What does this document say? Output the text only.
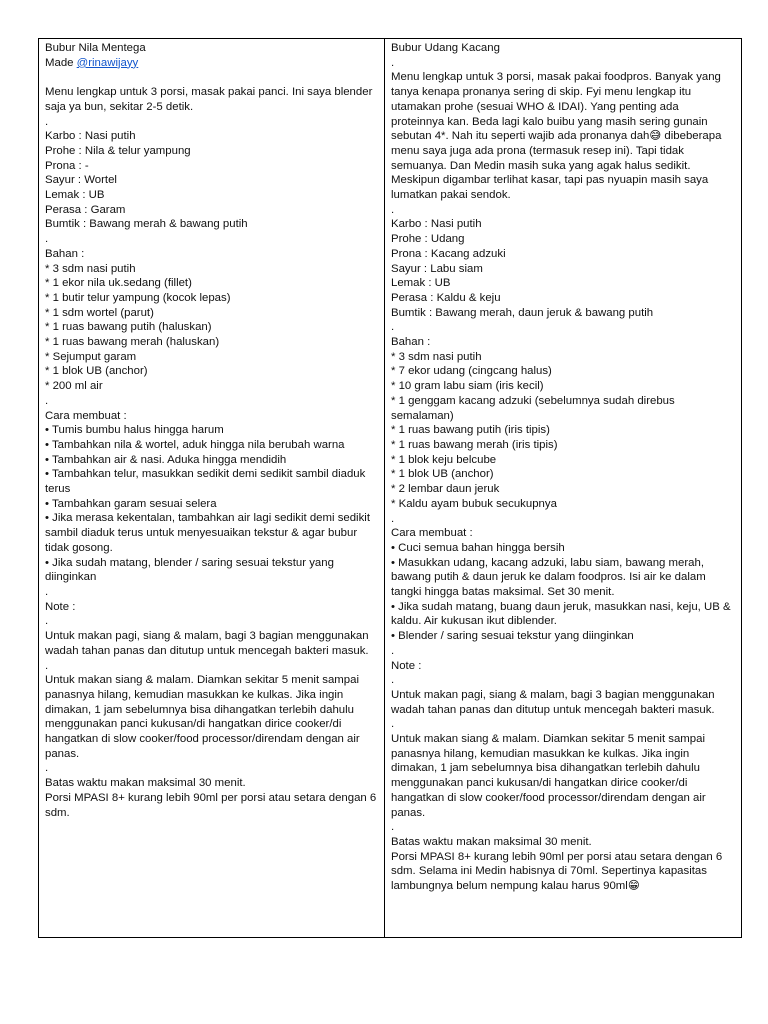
Bubur Nila Mentega

Made @rinawijayy

Menu lengkap untuk 3 porsi, masak pakai panci. Ini saya blender saja ya bun, sekitar 2-5 detik.

.

Karbo : Nasi putih

Prohe : Nila & telur yampung

Prona : -

Sayur : Wortel

Lemak : UB

Perasa : Garam

Bumtik : Bawang merah & bawang putih

.

Bahan :

* 3 sdm nasi putih

* 1 ekor nila uk.sedang (fillet)

* 1 butir telur yampung (kocok lepas)

* 1 sdm wortel (parut)

* 1 ruas bawang putih (haluskan)

* 1 ruas bawang merah (haluskan)

* Sejumput garam

* 1 blok UB (anchor)

* 200 ml air

.

Cara membuat :

• Tumis bumbu halus hingga harum

• Tambahkan nila & wortel, aduk hingga nila berubah warna

• Tambahkan air & nasi. Aduka hingga mendidih

• Tambahkan telur, masukkan sedikit demi sedikit sambil diaduk terus

• Tambahkan garam sesuai selera

• Jika merasa kekentalan, tambahkan air lagi sedikit demi sedikit sambil diaduk terus untuk menyesuaikan tekstur & agar bubur tidak gosong.

• Jika sudah matang, blender / saring sesuai tekstur yang diinginkan

.

Note :

.

Untuk makan pagi, siang & malam, bagi 3 bagian menggunakan wadah tahan panas dan ditutup untuk mencegah bakteri masuk.

.

Untuk makan siang & malam. Diamkan sekitar 5 menit sampai panasnya hilang, kemudian masukkan ke kulkas. Jika ingin dimakan, 1 jam sebelumnya bisa dihangatkan terlebih dahulu menggunakan panci kukusan/di hangatkan dirice cooker/di hangatkan di slow cooker/food processor/direndam dengan air panas.

.

Batas waktu makan maksimal 30 menit.

Porsi MPASI 8+ kurang lebih 90ml per porsi atau setara dengan 6 sdm.

Bubur Udang Kacang

.

Menu lengkap untuk 3 porsi, masak pakai foodpros. Banyak yang tanya kenapa pronanya sering di skip. Fyi menu lengkap itu utamakan prohe (sesuai WHO & IDAI). Yang penting ada proteinnya kan. Beda lagi kalo buibu yang masih sering gunain sebutan 4*. Nah itu seperti wajib ada pronanya dah😅 dibeberapa menu saya juga ada prona (termasuk resep ini). Tapi tidak semuanya. Dan Medin masih suka yang agak halus sedikit. Meskipun digambar terlihat kasar, tapi pas nyuapin masih saya lumatkan pakai sendok.

.

Karbo : Nasi putih

Prohe : Udang

Prona : Kacang adzuki

Sayur : Labu siam

Lemak : UB

Perasa : Kaldu & keju

Bumtik : Bawang merah, daun jeruk & bawang putih

.

Bahan :

* 3 sdm nasi putih

* 7 ekor udang (cingcang halus)

* 10 gram labu siam (iris kecil)

* 1 genggam kacang adzuki (sebelumnya sudah direbus semalaman)

* 1 ruas bawang putih (iris tipis)

* 1 ruas bawang merah (iris tipis)

* 1 blok keju belcube

* 1 blok UB (anchor)

* 2 lembar daun jeruk

* Kaldu ayam bubuk secukupnya

.

Cara membuat :

• Cuci semua bahan hingga bersih

• Masukkan udang, kacang adzuki, labu siam, bawang merah, bawang putih & daun jeruk ke dalam foodpros. Isi air ke dalam tangki hingga batas maksimal. Set 30 menit.

• Jika sudah matang, buang daun jeruk, masukkan nasi, keju, UB & kaldu. Air kukusan ikut diblender.

• Blender / saring sesuai tekstur yang diinginkan

.

Note :

.

Untuk makan pagi, siang & malam, bagi 3 bagian menggunakan wadah tahan panas dan ditutup untuk mencegah bakteri masuk.

.

Untuk makan siang & malam. Diamkan sekitar 5 menit sampai panasnya hilang, kemudian masukkan ke kulkas. Jika ingin dimakan, 1 jam sebelumnya bisa dihangatkan terlebih dahulu menggunakan panci kukusan/di hangatkan dirice cooker/di hangatkan di slow cooker/food processor/direndam dengan air panas.

.

Batas waktu makan maksimal 30 menit.

Porsi MPASI 8+ kurang lebih 90ml per porsi atau setara dengan 6 sdm. Selama ini Medin habisnya di 70ml. Sepertinya kapasitas lambungnya belum nempung kalau harus 90ml😁
